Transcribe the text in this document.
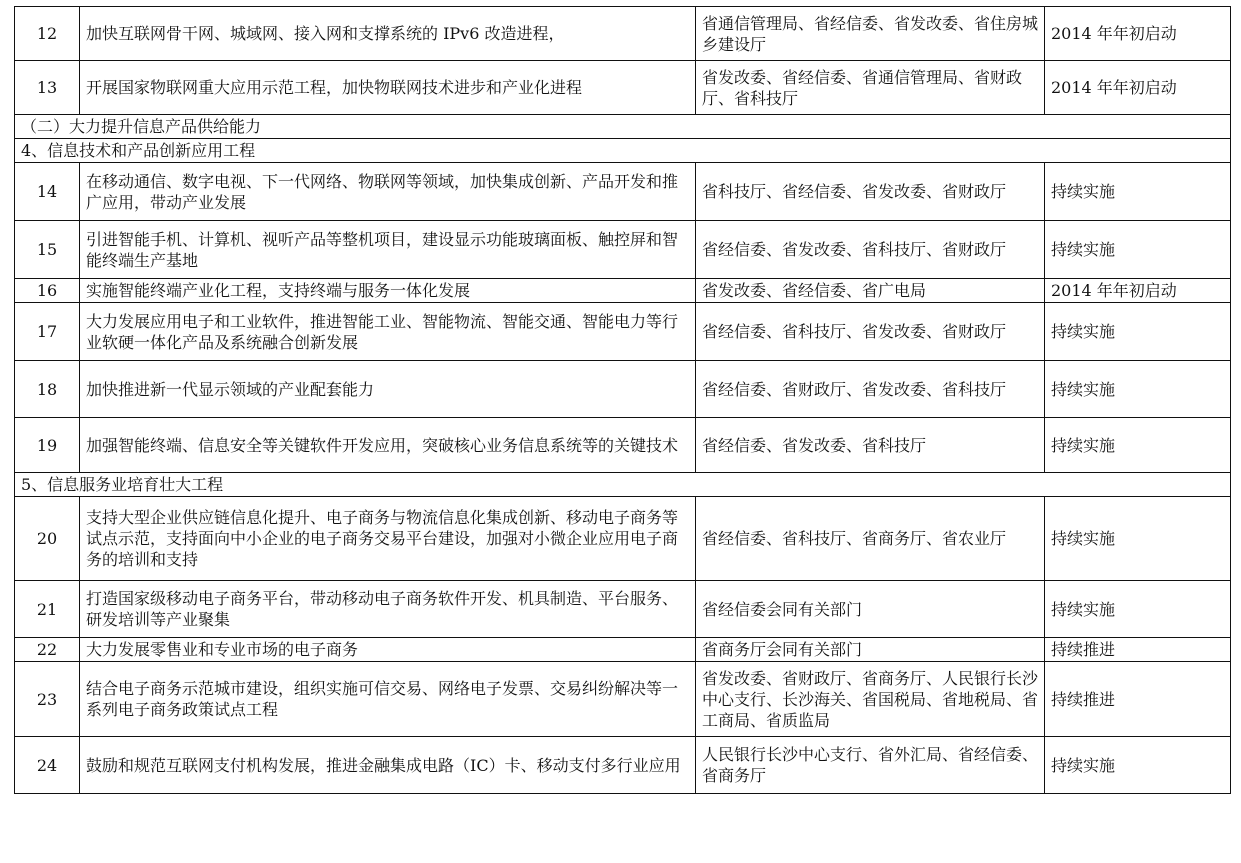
12	加快互联网骨干网、城域网、接入网和支撑系统的 IPv6 改造进程，	省通信管理局、省经信委、省发改委、省住房城乡建设厅	2014 年年初启动
13	开展国家物联网重大应用示范工程，加快物联网技术进步和产业化进程	省发改委、省经信委、省通信管理局、省财政厅、省科技厅	2014 年年初启动
（二）大力提升信息产品供给能力			
4、信息技术和产品创新应用工程			
14	在移动通信、数字电视、下一代网络、物联网等领域，加快集成创新、产品开发和推广应用，带动产业发展	省科技厅、省经信委、省发改委、省财政厅	持续实施
15	引进智能手机、计算机、视听产品等整机项目，建设显示功能玻璃面板、触控屏和智能终端生产基地	省经信委、省发改委、省科技厅、省财政厅	持续实施
16	实施智能终端产业化工程，支持终端与服务一体化发展	省发改委、省经信委、省广电局	2014 年年初启动
17	大力发展应用电子和工业软件，推进智能工业、智能物流、智能交通、智能电力等行业软硬一体化产品及系统融合创新发展	省经信委、省科技厅、省发改委、省财政厅	持续实施
18	加快推进新一代显示领域的产业配套能力	省经信委、省财政厅、省发改委、省科技厅	持续实施
19	加强智能终端、信息安全等关键软件开发应用，突破核心业务信息系统等的关键技术	省经信委、省发改委、省科技厅	持续实施
5、信息服务业培育壮大工程			
20	支持大型企业供应链信息化提升、电子商务与物流信息化集成创新、移动电子商务等试点示范，支持面向中小企业的电子商务交易平台建设，加强对小微企业应用电子商务的培训和支持	省经信委、省科技厅、省商务厅、省农业厅	持续实施
21	打造国家级移动电子商务平台，带动移动电子商务软件开发、机具制造、平台服务、研发培训等产业聚集	省经信委会同有关部门	持续实施
22	大力发展零售业和专业市场的电子商务	省商务厅会同有关部门	持续推进
23	结合电子商务示范城市建设，组织实施可信交易、网络电子发票、交易纠纷解决等一系列电子商务政策试点工程	省发改委、省财政厅、省商务厅、人民银行长沙中心支行、长沙海关、省国税局、省地税局、省工商局、省质监局	持续推进
24	鼓励和规范互联网支付机构发展，推进金融集成电路（IC）卡、移动支付多行业应用	人民银行长沙中心支行、省外汇局、省经信委、省商务厅	持续实施
